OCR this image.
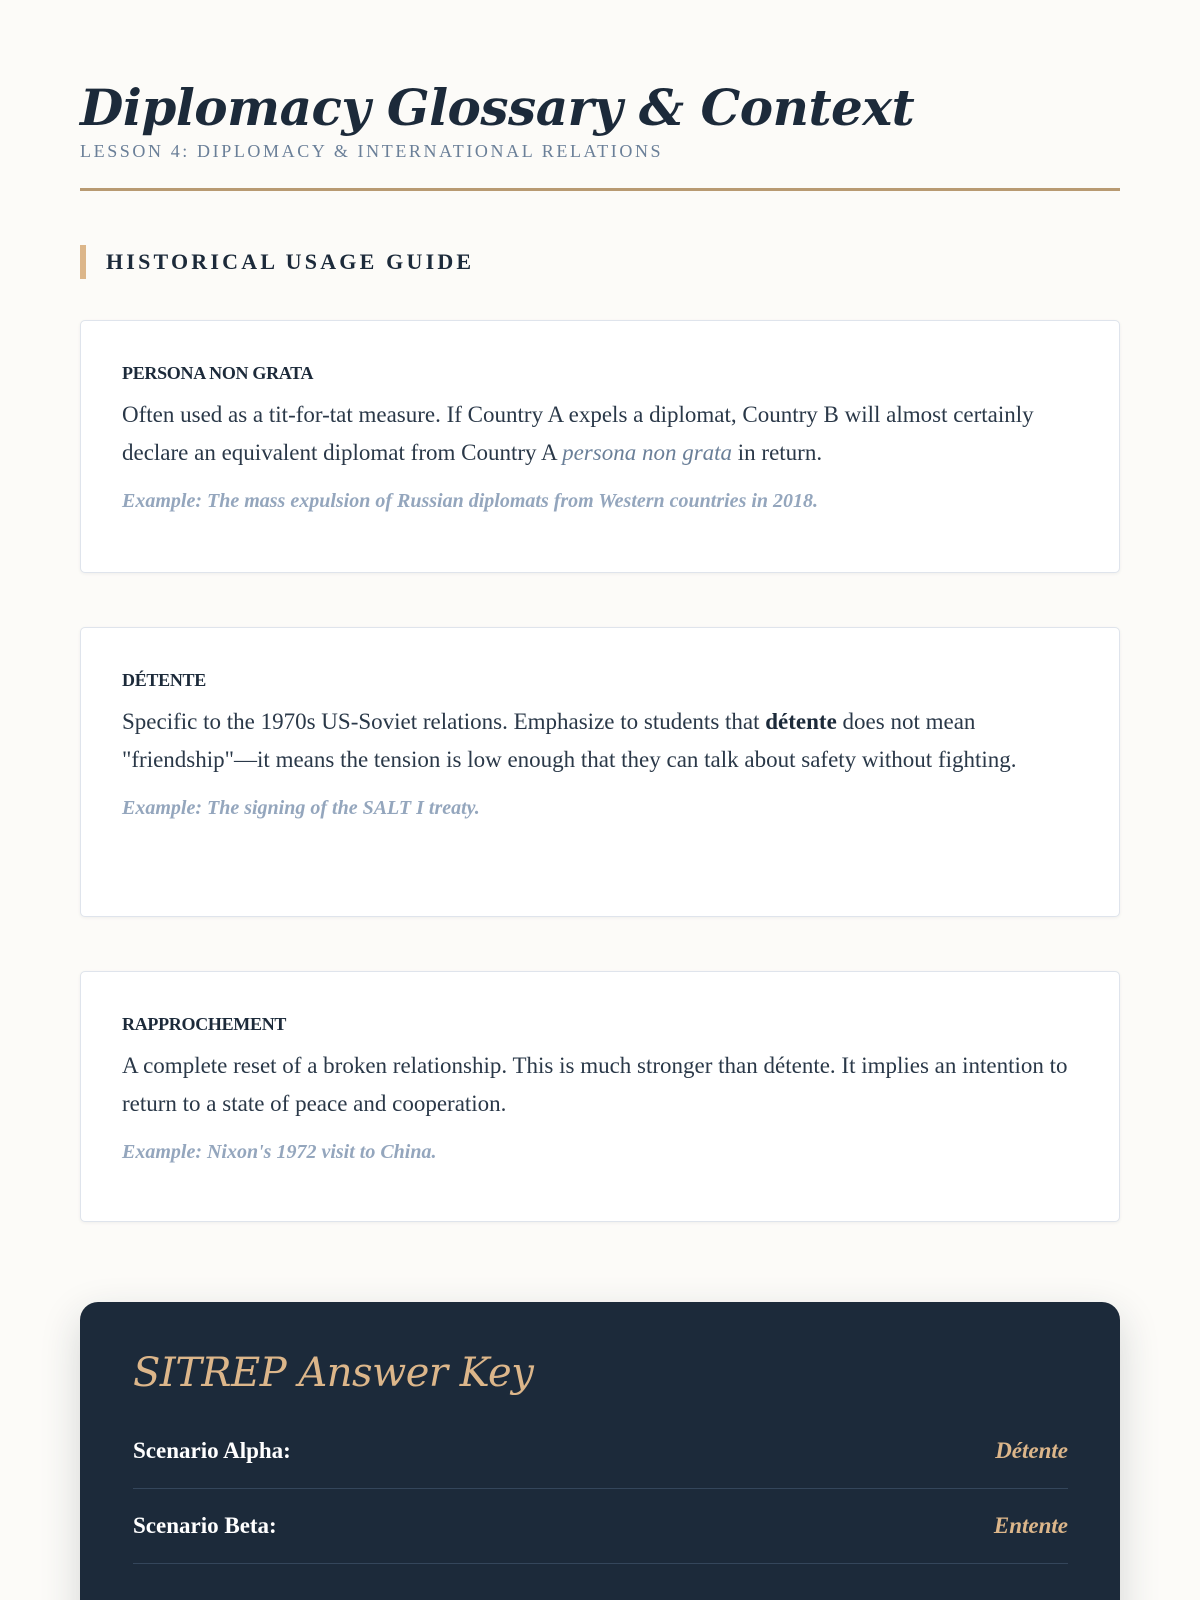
Diplomacy Glossary & Context
LESSON 4: DIPLOMACY & INTERNATIONAL RELATIONS
HISTORICAL USAGE GUIDE
PERSONA NON GRATA
Often used as a tit-for-tat measure. If Country A expels a diplomat, Country B will almost certainly declare an equivalent diplomat from Country A persona non grata in return.
Example: The mass expulsion of Russian diplomats from Western countries in 2018.
DÉTENTE
Specific to the 1970s US-Soviet relations. Emphasize to students that détente does not mean "friendship"—it means the tension is low enough that they can talk about safety without fighting.
Example: The signing of the SALT I treaty.
RAPPROCHEMENT
A complete reset of a broken relationship. This is much stronger than détente. It implies an intention to return to a state of peace and cooperation.
Example: Nixon's 1972 visit to China.
SITREP Answer Key
Scenario Alpha:	Détente
Scenario Beta:	Entente
